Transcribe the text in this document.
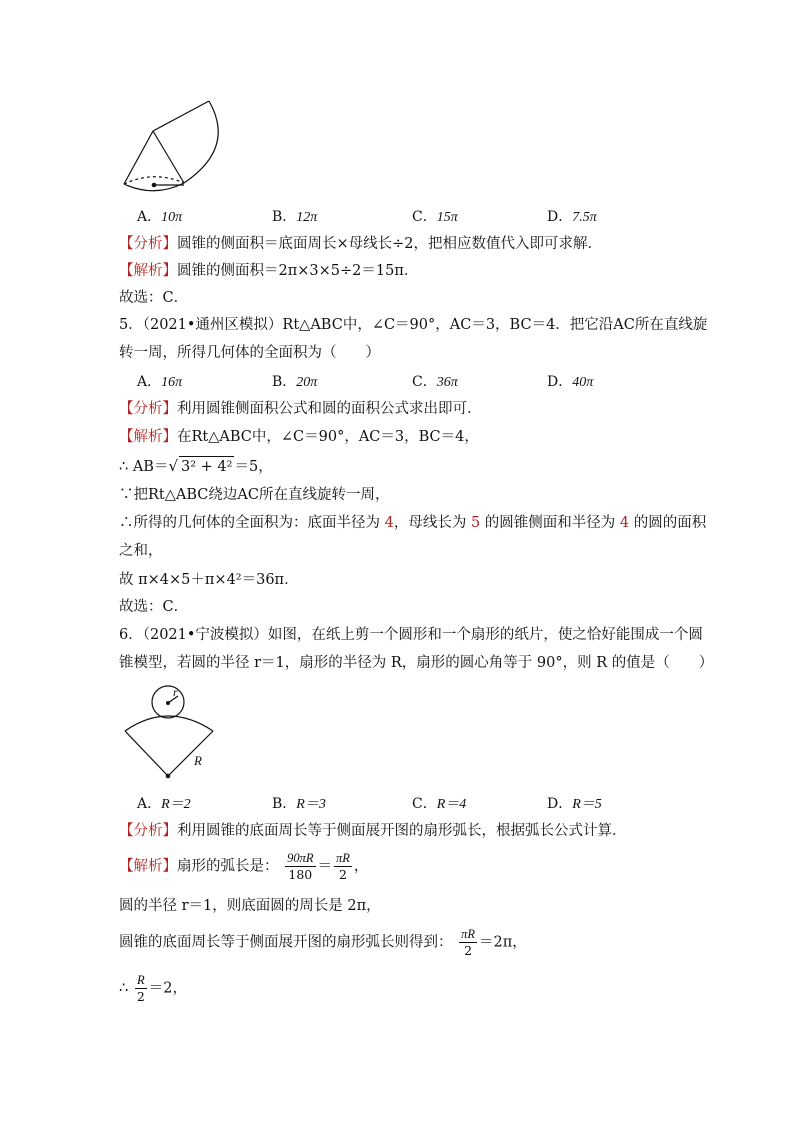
A．10π	B．12π	C．15π	D．7.5π
【分析】圆锥的侧面积＝底面周长×母线长÷2，把相应数值代入即可求解．
【解析】圆锥的侧面积＝2π×3×5÷2＝15π．
故选：C．
5．（2021•通州区模拟）Rt△ABC中，∠C＝90°，AC＝3，BC＝4．把它沿AC所在直线旋
转一周，所得几何体的全面积为（　　）
A．16π	B．20π	C．36π	D．40π
【分析】利用圆锥侧面积公式和圆的面积公式求出即可．
【解析】在Rt△ABC中，∠C＝90°，AC＝3，BC＝4，
∴ AB＝√ 3² + 4² ＝5，
∵把Rt△ABC绕边AC所在直线旋转一周，
∴所得的几何体的全面积为：底面半径为 4，母线长为 5 的圆锥侧面和半径为 4 的圆的面积
之和，
故 π×4×5＋π×4²＝36π．
故选：C．
6．（2021•宁波模拟）如图，在纸上剪一个圆形和一个扇形的纸片，使之恰好能围成一个圆
锥模型，若圆的半径 r＝1，扇形的半径为 R，扇形的圆心角等于 90°，则 R 的值是（　　）
r
R
A．R＝2	B．R＝3	C．R＝4	D．R＝5
【分析】利用圆锥的底面周长等于侧面展开图的扇形弧长，根据弧长公式计算．
【解析】扇形的弧长是： $\frac{90\pi R}{180} = \frac{\pi R}{2}$ ，
圆的半径 r＝1，则底面圆的周长是 2π，
圆锥的底面周长等于侧面展开图的扇形弧长则得到： $\frac{\pi R}{2} =2\pi$，
∴ $\frac{R}{2} =2$，
